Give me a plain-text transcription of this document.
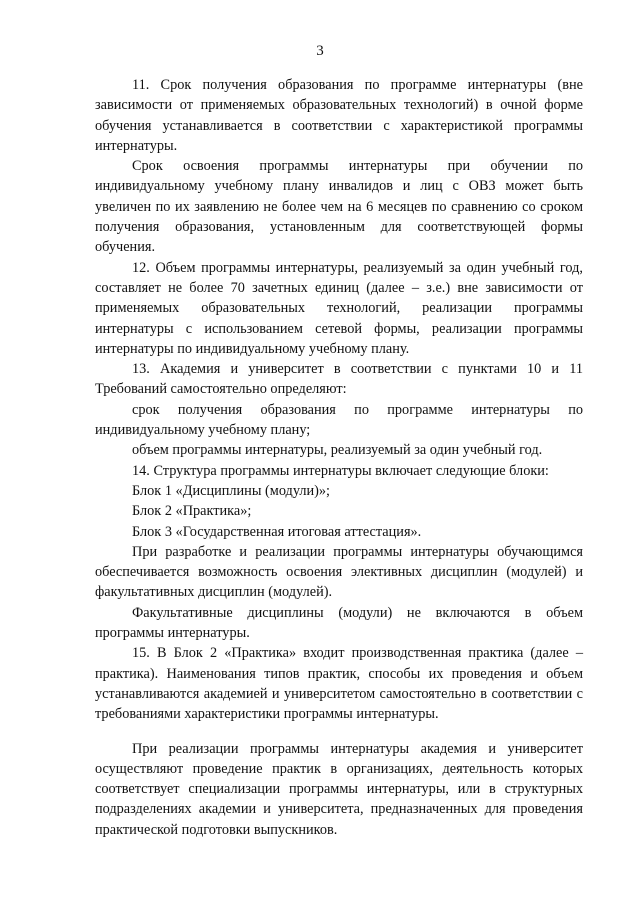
3

11. Срок получения образования по программе интернатуры (вне зависимости от применяемых образовательных технологий) в очной форме обучения устанавливается в соответствии с характеристикой программы интернатуры.

Срок освоения программы интернатуры при обучении по индивидуальному учебному плану инвалидов и лиц с ОВЗ может быть увеличен по их заявлению не более чем на 6 месяцев по сравнению со сроком получения образования, установленным для соответствующей формы обучения.

12. Объем программы интернатуры, реализуемый за один учебный год, составляет не более 70 зачетных единиц (далее – з.е.) вне зависимости от применяемых образовательных технологий, реализации программы интернатуры с использованием сетевой формы, реализации программы интернатуры по индивидуальному учебному плану.

13. Академия и университет в соответствии с пунктами 10 и 11 Требований самостоятельно определяют:

срок получения образования по программе интернатуры по индивидуальному учебному плану;

объем программы интернатуры, реализуемый за один учебный год.

14. Структура программы интернатуры включает следующие блоки:

Блок 1 «Дисциплины (модули)»;

Блок 2 «Практика»;

Блок 3 «Государственная итоговая аттестация».

При разработке и реализации программы интернатуры обучающимся обеспечивается возможность освоения элективных дисциплин (модулей) и факультативных дисциплин (модулей).

Факультативные дисциплины (модули) не включаются в объем программы интернатуры.

15. В Блок 2 «Практика» входит производственная практика (далее – практика). Наименования типов практик, способы их проведения и объем устанавливаются академией и университетом самостоятельно в соответствии с требованиями характеристики программы интернатуры.

При реализации программы интернатуры академия и университет осуществляют проведение практик в организациях, деятельность которых соответствует специализации программы интернатуры, или в структурных подразделениях академии и университета, предназначенных для проведения практической подготовки выпускников.
